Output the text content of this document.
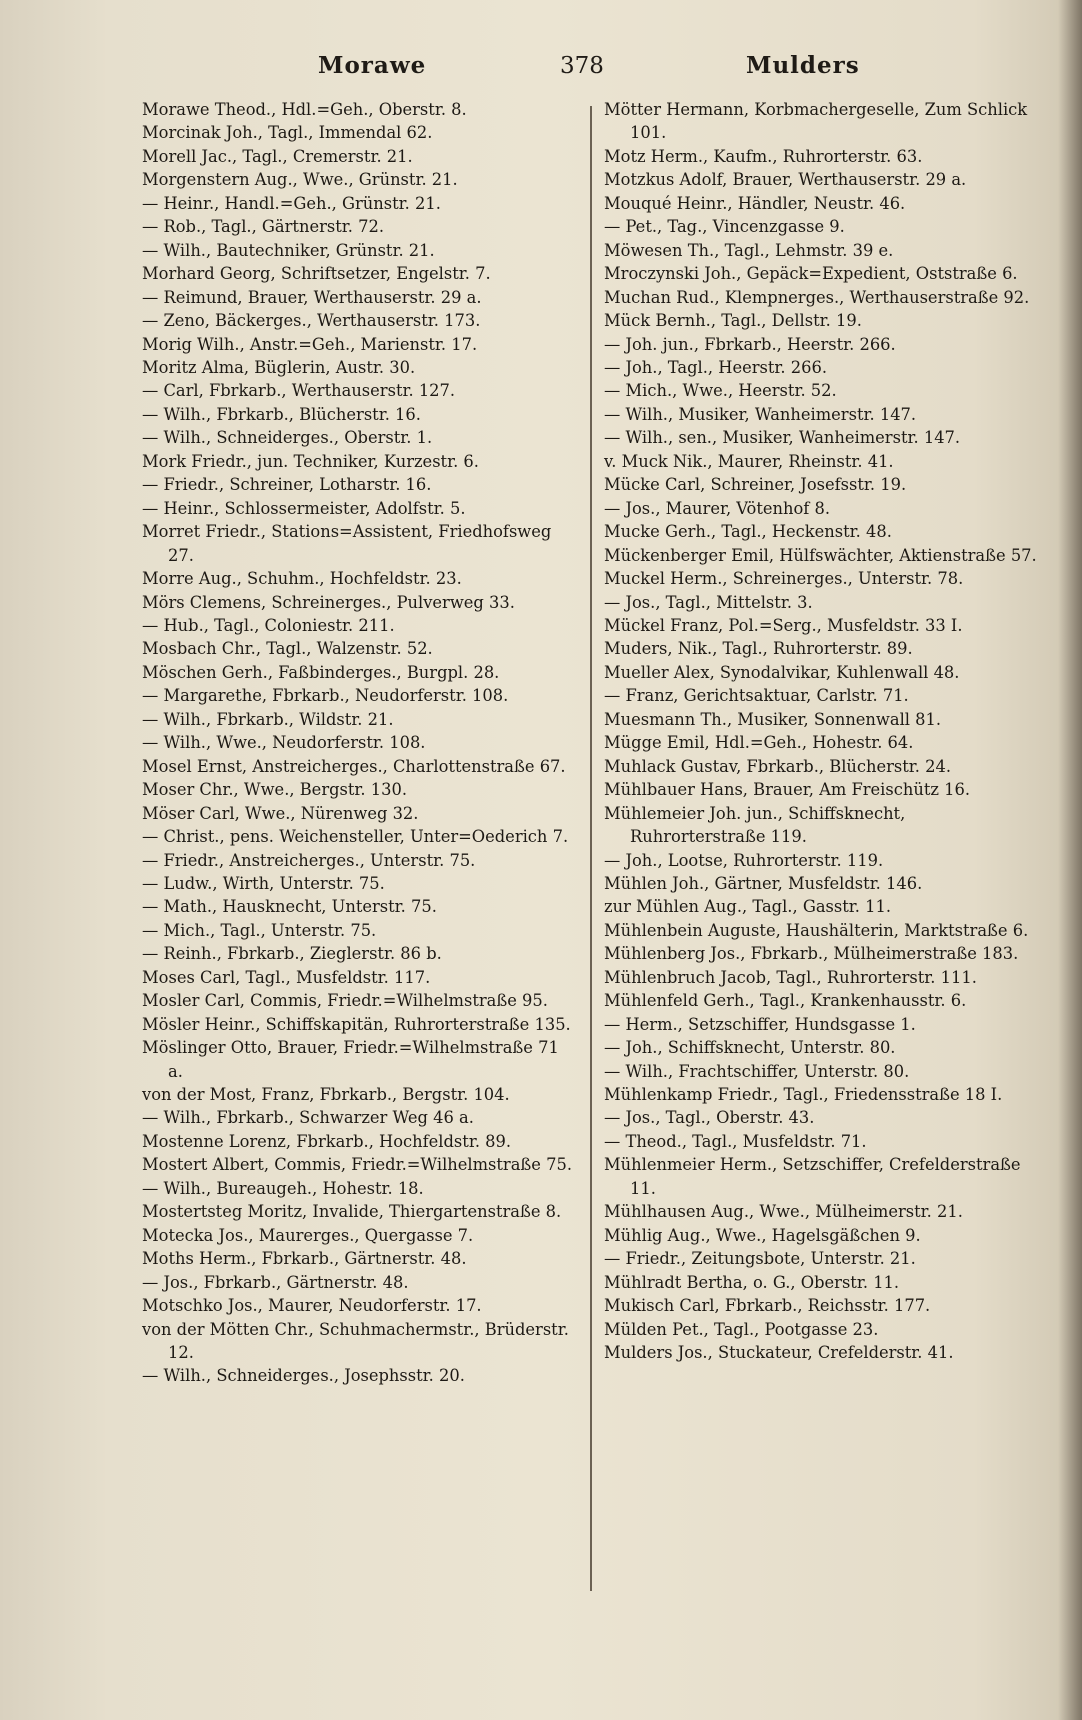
Morawe	378	Mulders
Morawe Theod., Hdl.=Geh., Oberstr. 8.
Morcinak Joh., Tagl., Immendal 62.
Morell Jac., Tagl., Cremerstr. 21.
Morgenstern Aug., Wwe., Grünstr. 21.
— Heinr., Handl.=Geh., Grünstr. 21.
— Rob., Tagl., Gärtnerstr. 72.
— Wilh., Bautechniker, Grünstr. 21.
Morhard Georg, Schriftsetzer, Engelstr. 7.
— Reimund, Brauer, Werthauserstr. 29 a.
— Zeno, Bäckerges., Werthauserstr. 173.
Morig Wilh., Anstr.=Geh., Marienstr. 17.
Moritz Alma, Büglerin, Austr. 30.
— Carl, Fbrkarb., Werthauserstr. 127.
— Wilh., Fbrkarb., Blücherstr. 16.
— Wilh., Schneiderges., Oberstr. 1.
Mork Friedr., jun. Techniker, Kurzestr. 6.
— Friedr., Schreiner, Lotharstr. 16.
— Heinr., Schlossermeister, Adolfstr. 5.
Morret Friedr., Stations=Assistent, Friedhofsweg 27.
Morre Aug., Schuhm., Hochfeldstr. 23.
Mörs Clemens, Schreinerges., Pulverweg 33.
— Hub., Tagl., Coloniestr. 211.
Mosbach Chr., Tagl., Walzenstr. 52.
Möschen Gerh., Faßbinderges., Burgpl. 28.
— Margarethe, Fbrkarb., Neudorferstr. 108.
— Wilh., Fbrkarb., Wildstr. 21.
— Wilh., Wwe., Neudorferstr. 108.
Mosel Ernst, Anstreicherges., Charlottenstraße 67.
Moser Chr., Wwe., Bergstr. 130.
Möser Carl, Wwe., Nürenweg 32.
— Christ., pens. Weichensteller, Unter=Oederich 7.
— Friedr., Anstreicherges., Unterstr. 75.
— Ludw., Wirth, Unterstr. 75.
— Math., Hausknecht, Unterstr. 75.
— Mich., Tagl., Unterstr. 75.
— Reinh., Fbrkarb., Zieglerstr. 86 b.
Moses Carl, Tagl., Musfeldstr. 117.
Mosler Carl, Commis, Friedr.=Wilhelmstraße 95.
Mösler Heinr., Schiffskapitän, Ruhrorterstraße 135.
Möslinger Otto, Brauer, Friedr.=Wilhelmstraße 71 a.
von der Most, Franz, Fbrkarb., Bergstr. 104.
— Wilh., Fbrkarb., Schwarzer Weg 46 a.
Mostenne Lorenz, Fbrkarb., Hochfeldstr. 89.
Mostert Albert, Commis, Friedr.=Wilhelmstraße 75.
— Wilh., Bureaugeh., Hohestr. 18.
Mostertsteg Moritz, Invalide, Thiergartenstraße 8.
Motecka Jos., Maurerges., Quergasse 7.
Moths Herm., Fbrkarb., Gärtnerstr. 48.
— Jos., Fbrkarb., Gärtnerstr. 48.
Motschko Jos., Maurer, Neudorferstr. 17.
von der Mötten Chr., Schuhmachermstr., Brüderstr. 12.
— Wilh., Schneiderges., Josephsstr. 20.
Mötter Hermann, Korbmachergeselle, Zum Schlick 101.
Motz Herm., Kaufm., Ruhrorterstr. 63.
Motzkus Adolf, Brauer, Werthauserstr. 29 a.
Mouqué Heinr., Händler, Neustr. 46.
— Pet., Tag., Vincenzgasse 9.
Möwesen Th., Tagl., Lehmstr. 39 e.
Mroczynski Joh., Gepäck=Expedient, Oststraße 6.
Muchan Rud., Klempnerges., Werthauserstraße 92.
Mück Bernh., Tagl., Dellstr. 19.
— Joh. jun., Fbrkarb., Heerstr. 266.
— Joh., Tagl., Heerstr. 266.
— Mich., Wwe., Heerstr. 52.
— Wilh., Musiker, Wanheimerstr. 147.
— Wilh., sen., Musiker, Wanheimerstr. 147.
v. Muck Nik., Maurer, Rheinstr. 41.
Mücke Carl, Schreiner, Josefsstr. 19.
— Jos., Maurer, Vötenhof 8.
Mucke Gerh., Tagl., Heckenstr. 48.
Mückenberger Emil, Hülfswächter, Aktienstraße 57.
Muckel Herm., Schreinerges., Unterstr. 78.
— Jos., Tagl., Mittelstr. 3.
Mückel Franz, Pol.=Serg., Musfeldstr. 33 I.
Muders, Nik., Tagl., Ruhrorterstr. 89.
Mueller Alex, Synodalvikar, Kuhlenwall 48.
— Franz, Gerichtsaktuar, Carlstr. 71.
Muesmann Th., Musiker, Sonnenwall 81.
Mügge Emil, Hdl.=Geh., Hohestr. 64.
Muhlack Gustav, Fbrkarb., Blücherstr. 24.
Mühlbauer Hans, Brauer, Am Freischütz 16.
Mühlemeier Joh. jun., Schiffsknecht, Ruhrorterstraße 119.
— Joh., Lootse, Ruhrorterstr. 119.
Mühlen Joh., Gärtner, Musfeldstr. 146.
zur Mühlen Aug., Tagl., Gasstr. 11.
Mühlenbein Auguste, Haushälterin, Marktstraße 6.
Mühlenberg Jos., Fbrkarb., Mülheimerstraße 183.
Mühlenbruch Jacob, Tagl., Ruhrorterstr. 111.
Mühlenfeld Gerh., Tagl., Krankenhausstr. 6.
— Herm., Setzschiffer, Hundsgasse 1.
— Joh., Schiffsknecht, Unterstr. 80.
— Wilh., Frachtschiffer, Unterstr. 80.
Mühlenkamp Friedr., Tagl., Friedensstraße 18 I.
— Jos., Tagl., Oberstr. 43.
— Theod., Tagl., Musfeldstr. 71.
Mühlenmeier Herm., Setzschiffer, Crefelderstraße 11.
Mühlhausen Aug., Wwe., Mülheimerstr. 21.
Mühlig Aug., Wwe., Hagelsgäßchen 9.
— Friedr., Zeitungsbote, Unterstr. 21.
Mühlradt Bertha, o. G., Oberstr. 11.
Mukisch Carl, Fbrkarb., Reichsstr. 177.
Mülden Pet., Tagl., Pootgasse 23.
Mulders Jos., Stuckateur, Crefelderstr. 41.
